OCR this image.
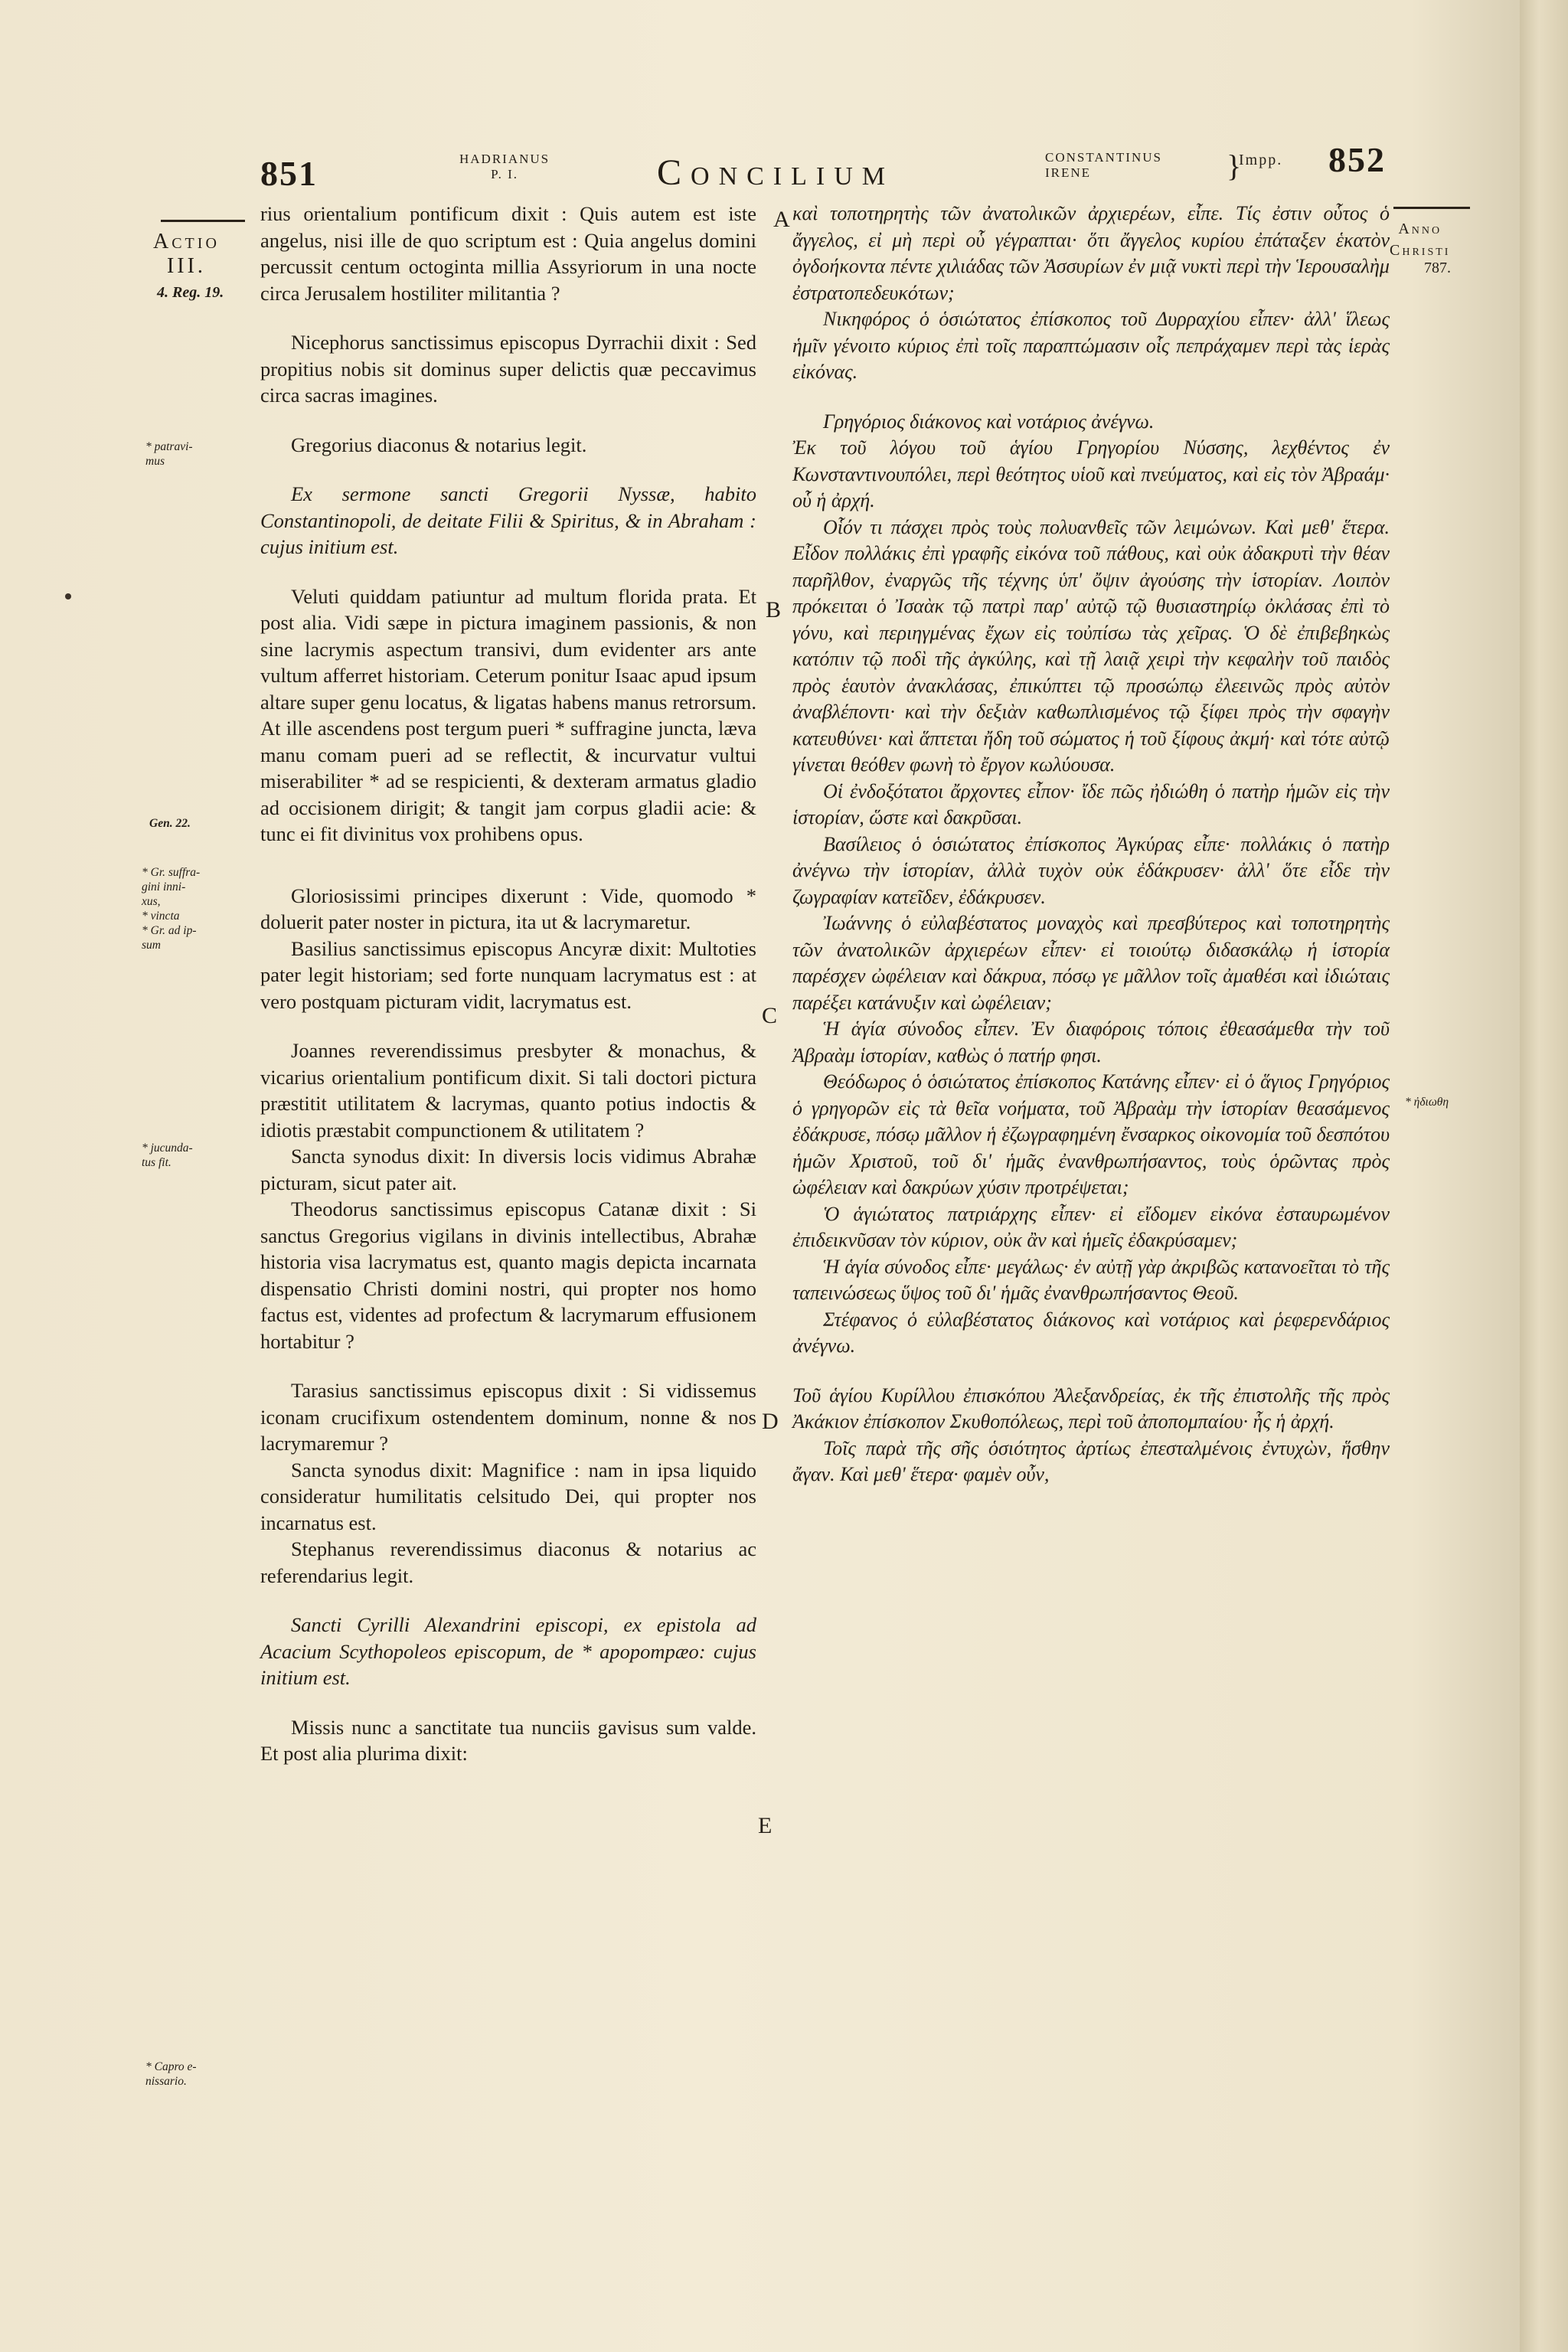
851	HADRIANUS
P. I.	Concilium	CONSTANTINUS
IRENE	}
Impp. 852
Actio
III.
4. Reg. 19.
* patravi-
mus
Gen. 22.
* Gr. suffra-
gini inni-
xus,
* vincta
* Gr. ad ip-
sum
* jucunda-
tus fit.
* Capro e-
nissario.
Anno
Christi
787.
* ἠδιωθη
A
B
C
D
E

rius orientalium pontificum dixit : Quis autem est iste angelus, nisi ille de quo scriptum est : Quia angelus domini percussit centum octoginta millia Assyriorum in una nocte circa Jerusalem hostiliter militantia ?

Nicephorus sanctissimus episcopus Dyrrachii dixit : Sed propitius nobis sit dominus super delictis quæ peccavimus circa sacras imagines.

Gregorius diaconus & notarius legit.

Ex sermone sancti Gregorii Nyssæ, habito Constantinopoli, de deitate Filii & Spiritus, & in Abraham : cujus initium est.

Veluti quiddam patiuntur ad multum florida prata. Et post alia. Vidi sæpe in pictura imaginem passionis, & non sine lacrymis aspectum transivi, dum evidenter ars ante vultum afferret historiam. Ceterum ponitur Isaac apud ipsum altare super genu locatus, & ligatas habens manus retrorsum. At ille ascendens post tergum pueri * suffragine junctа, læva manu comam pueri ad se reflectit, & incurvatur vultui miserabiliter * ad se respicienti, & dexteram armatus gladio ad occisionem dirigit; & tangit jam corpus gladii acie: & tunc ei fit divinitus vox prohibens opus.

Gloriosissimi principes dixerunt : Vide, quomodo * doluerit pater noster in pictura, ita ut & lacrymaretur.

Basilius sanctissimus episcopus Ancyræ dixit: Multoties pater legit historiam; sed forte nunquam lacrymatus est : at vero postquam picturam vidit, lacrymatus est.

Joannes reverendissimus presbyter & monachus, & vicarius orientalium pontificum dixit. Si tali doctori pictura præstitit utilitatem & lacrymas, quanto potius indoctis & idiotis præstabit compunctionem & utilitatem ?

Sancta synodus dixit: In diversis locis vidimus Abrahæ picturam, sicut pater ait.

Theodorus sanctissimus episcopus Catanæ dixit : Si sanctus Gregorius vigilans in divinis intellectibus, Abrahæ historia visa lacrymatus est, quanto magis depicta incarnata dispensatio Christi domini nostri, qui propter nos homo factus est, videntes ad profectum & lacrymarum effusionem hortabitur ?

Tarasius sanctissimus episcopus dixit : Si vidissemus iconam crucifixum ostendentem dominum, nonne & nos lacrymaremur ?

Sancta synodus dixit: Magnifice : nam in ipsa liquido consideratur humilitatis celsitudo Dei, qui propter nos incarnatus est.

Stephanus reverendissimus diaconus & notarius ac referendarius legit.

Sancti Cyrilli Alexandrini episcopi, ex epistola ad Acacium Scythopoleos episcopum, de * apopompæo: cujus initium est.

Missis nunc a sanctitate tua nunciis gavisus sum valde. Et post alia plurima dixit:

καὶ τοποτηρητὴς τῶν ἀνατολικῶν ἀρχιερέων, εἶπε. Τίς ἐστιν οὗτος ὁ ἄγγελος, εἰ μὴ περὶ οὗ γέγραπται· ὅτι ἄγγελος κυρίου ἐπάταξεν ἑκατὸν ὀγδοήκοντα πέντε χιλιάδας τῶν Ἀσσυρίων ἐν μιᾷ νυκτὶ περὶ τὴν Ἱερουσαλὴμ ἐστρατοπεδευκότων;

Νικηφόρος ὁ ὁσιώτατος ἐπίσκοπος τοῦ Δυρραχίου εἶπεν· ἀλλ' ἵλεως ἡμῖν γένοιτο κύριος ἐπὶ τοῖς παραπτώμασιν οἷς πεπράχαμεν περὶ τὰς ἱερὰς εἰκόνας.

Γρηγόριος διάκονος καὶ νοτάριος ἀνέγνω.

Ἐκ τοῦ λόγου τοῦ ἁγίου Γρηγορίου Νύσσης, λεχθέντος ἐν Κωνσταντινουπόλει, περὶ θεότητος υἱοῦ καὶ πνεύματος, καὶ εἰς τὸν Ἀβραάμ· οὗ ἡ ἀρχή.

Οἷόν τι πάσχει πρὸς τοὺς πολυανθεῖς τῶν λειμώνων. Καὶ μεθ' ἕτερα. Εἶδον πολλάκις ἐπὶ γραφῆς εἰκόνα τοῦ πάθους, καὶ οὐκ ἀδακρυτὶ τὴν θέαν παρῆλθον, ἐναργῶς τῆς τέχνης ὑπ' ὄψιν ἀγούσης τὴν ἱστορίαν. Λοιπὸν πρόκειται ὁ Ἰσαὰκ τῷ πατρὶ παρ' αὐτῷ τῷ θυσιαστηρίῳ ὀκλάσας ἐπὶ τὸ γόνυ, καὶ περιηγμένας ἔχων εἰς τοὐπίσω τὰς χεῖρας. Ὁ δὲ ἐπιβεβηκὼς κατόπιν τῷ ποδὶ τῆς ἀγκύλης, καὶ τῇ λαιᾷ χειρὶ τὴν κεφαλὴν τοῦ παιδὸς πρὸς ἑαυτὸν ἀνακλάσας, ἐπικύπτει τῷ προσώπῳ ἐλεεινῶς πρὸς αὐτὸν ἀναβλέποντι· καὶ τὴν δεξιὰν καθωπλισμένος τῷ ξίφει πρὸς τὴν σφαγὴν κατευθύνει· καὶ ἅπτεται ἤδη τοῦ σώματος ἡ τοῦ ξίφους ἀκμή· καὶ τότε αὐτῷ γίνεται θεόθεν φωνὴ τὸ ἔργον κωλύουσα.

Οἱ ἐνδοξότατοι ἄρχοντες εἶπον· ἴδε πῶς ἠδιώθη ὁ πατὴρ ἡμῶν εἰς τὴν ἱστορίαν, ὥστε καὶ δακρῦσαι.

Βασίλειος ὁ ὁσιώτατος ἐπίσκοπος Ἀγκύρας εἶπε· πολλάκις ὁ πατὴρ ἀνέγνω τὴν ἱστορίαν, ἀλλὰ τυχὸν οὐκ ἐδάκρυσεν· ἀλλ' ὅτε εἶδε τὴν ζωγραφίαν κατεῖδεν, ἐδάκρυσεν.

Ἰωάννης ὁ εὐλαβέστατος μοναχὸς καὶ πρεσβύτερος καὶ τοποτηρητὴς τῶν ἀνατολικῶν ἀρχιερέων εἶπεν· εἰ τοιούτῳ διδασκάλῳ ἡ ἱστορία παρέσχεν ὠφέλειαν καὶ δάκρυα, πόσῳ γε μᾶλλον τοῖς ἀμαθέσι καὶ ἰδιώταις παρέξει κατάνυξιν καὶ ὠφέλειαν;

Ἡ ἁγία σύνοδος εἶπεν. Ἐν διαφόροις τόποις ἐθεασάμεθα τὴν τοῦ Ἀβραὰμ ἱστορίαν, καθὼς ὁ πατήρ φησι.

Θεόδωρος ὁ ὁσιώτατος ἐπίσκοπος Κατάνης εἶπεν· εἰ ὁ ἅγιος Γρηγόριος ὁ γρηγορῶν εἰς τὰ θεῖα νοήματα, τοῦ Ἀβραὰμ τὴν ἱστορίαν θεασάμενος ἐδάκρυσε, πόσῳ μᾶλλον ἡ ἐζωγραφημένη ἔνσαρκος οἰκονομία τοῦ δεσπότου ἡμῶν Χριστοῦ, τοῦ δι' ἡμᾶς ἐνανθρωπήσαντος, τοὺς ὁρῶντας πρὸς ὠφέλειαν καὶ δακρύων χύσιν προτρέψεται;

Ὁ ἁγιώτατος πατριάρχης εἶπεν· εἰ εἴδομεν εἰκόνα ἐσταυρωμένον ἐπιδεικνῦσαν τὸν κύριον, οὐκ ἂν καὶ ἡμεῖς ἐδακρύσαμεν;

Ἡ ἁγία σύνοδος εἶπε· μεγάλως· ἐν αὐτῇ γὰρ ἀκριβῶς κατανοεῖται τὸ τῆς ταπεινώσεως ὕψος τοῦ δι' ἡμᾶς ἐνανθρωπήσαντος Θεοῦ.

Στέφανος ὁ εὐλαβέστατος διάκονος καὶ νοτάριος καὶ ῥεφερενδάριος ἀνέγνω.

Τοῦ ἁγίου Κυρίλλου ἐπισκόπου Ἀλεξανδρείας, ἐκ τῆς ἐπιστολῆς τῆς πρὸς Ἀκάκιον ἐπίσκοπον Σκυθοπόλεως, περὶ τοῦ ἀποπομπαίου· ἧς ἡ ἀρχή.

Τοῖς παρὰ τῆς σῆς ὁσιότητος ἀρτίως ἐπεσταλμένοις ἐντυχὼν, ἥσθην ἄγαν. Καὶ μεθ' ἕτερα· φαμὲν οὖν,
